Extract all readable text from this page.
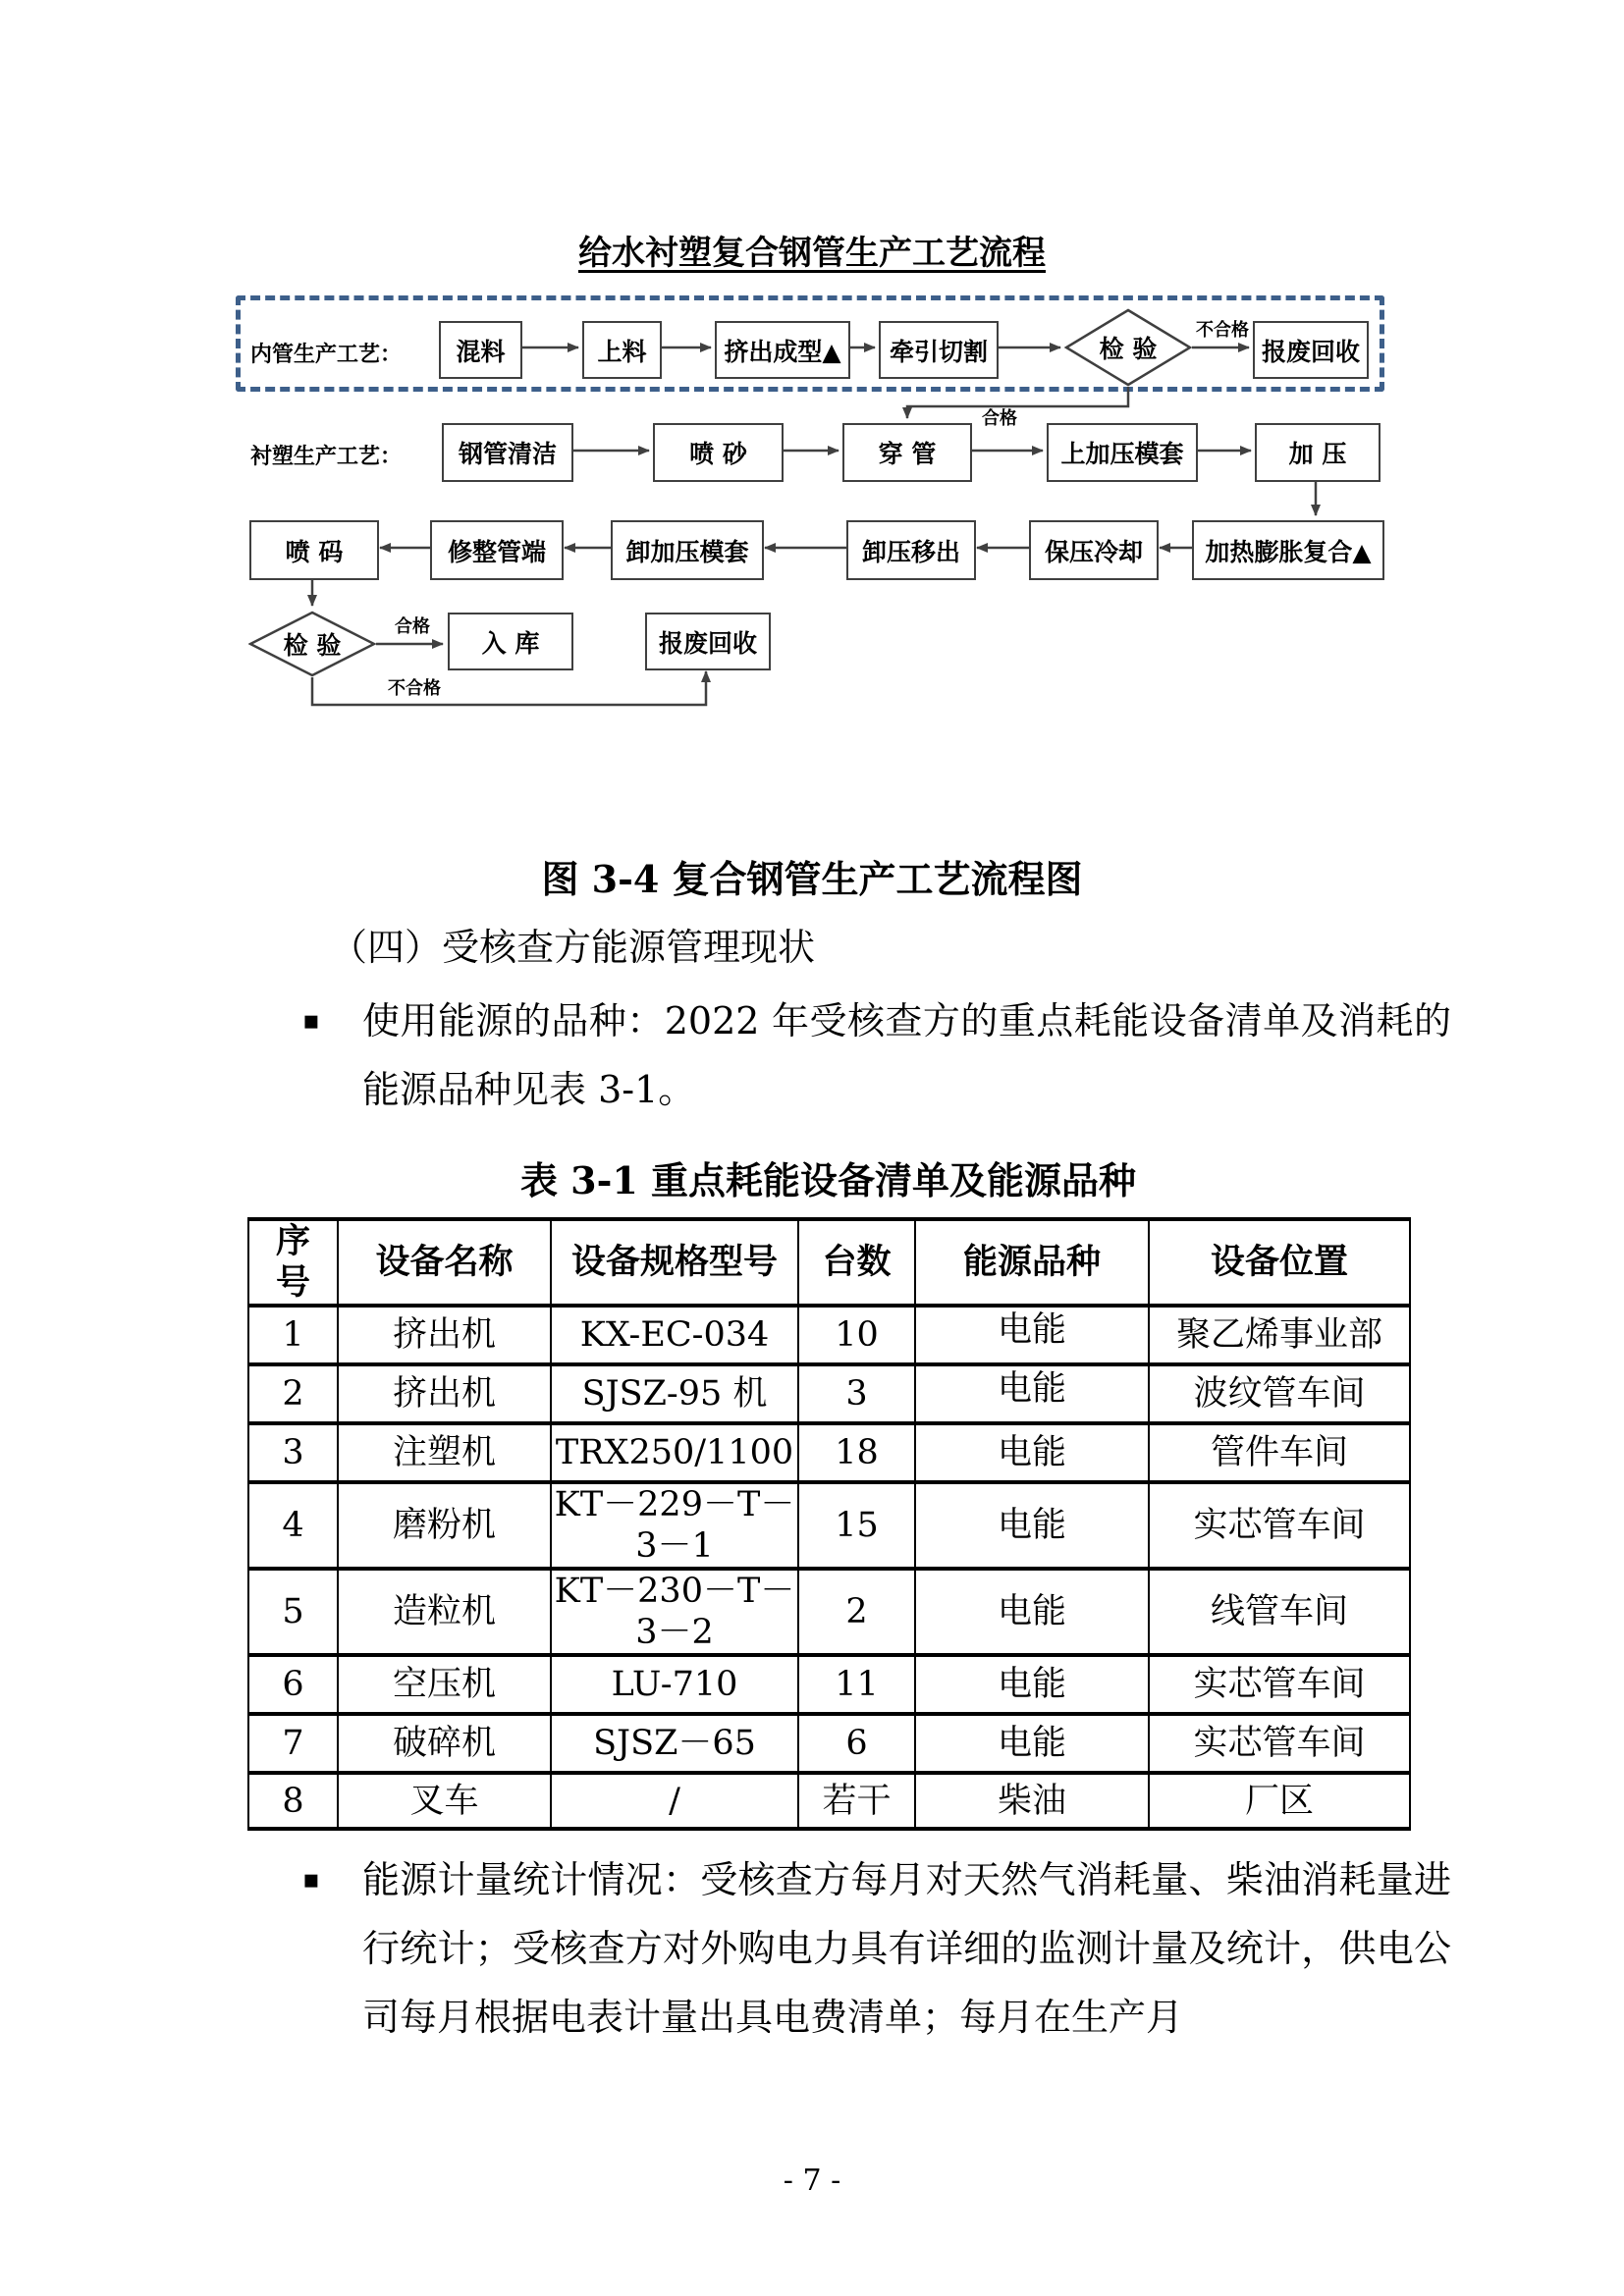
给水衬塑复合钢管生产工艺流程
内管生产工艺：	混料	上料	挤出成型▲	牵引切割	检 验	报废回收
不合格
合格
衬塑生产工艺：	钢管清洁	喷 砂	穿 管	上加压模套	加 压
喷 码	修整管端	卸加压模套	卸压移出	保压冷却	加热膨胀复合▲
检 验	入 库	报废回收
合格
不合格
图 3-4 复合钢管生产工艺流程图
（四）受核查方能源管理现状
▪	使用能源的品种：2022 年受核查方的重点耗能设备清单及消耗的能源品种见表 3-1。
表 3-1 重点耗能设备清单及能源品种
序号	设备名称	设备规格型号	台数	能源品种	设备位置
1	挤出机	KX-EC-034	10	电能	聚乙烯事业部
2	挤出机	SJSZ-95 机	3	电能	波纹管车间
3	注塑机	TRX250/1100	18	电能	管件车间
4	磨粉机	KT－229－T－3－1	15	电能	实芯管车间
5	造粒机	KT－230－T－3－2	2	电能	线管车间
6	空压机	LU-710	11	电能	实芯管车间
7	破碎机	SJSZ－65	6	电能	实芯管车间
8	叉车	/	若干	柴油	厂区
▪	能源计量统计情况：受核查方每月对天然气消耗量、柴油消耗量进行统计；受核查方对外购电力具有详细的监测计量及统计，供电公司每月根据电表计量出具电费清单；每月在生产月
- 7 -
